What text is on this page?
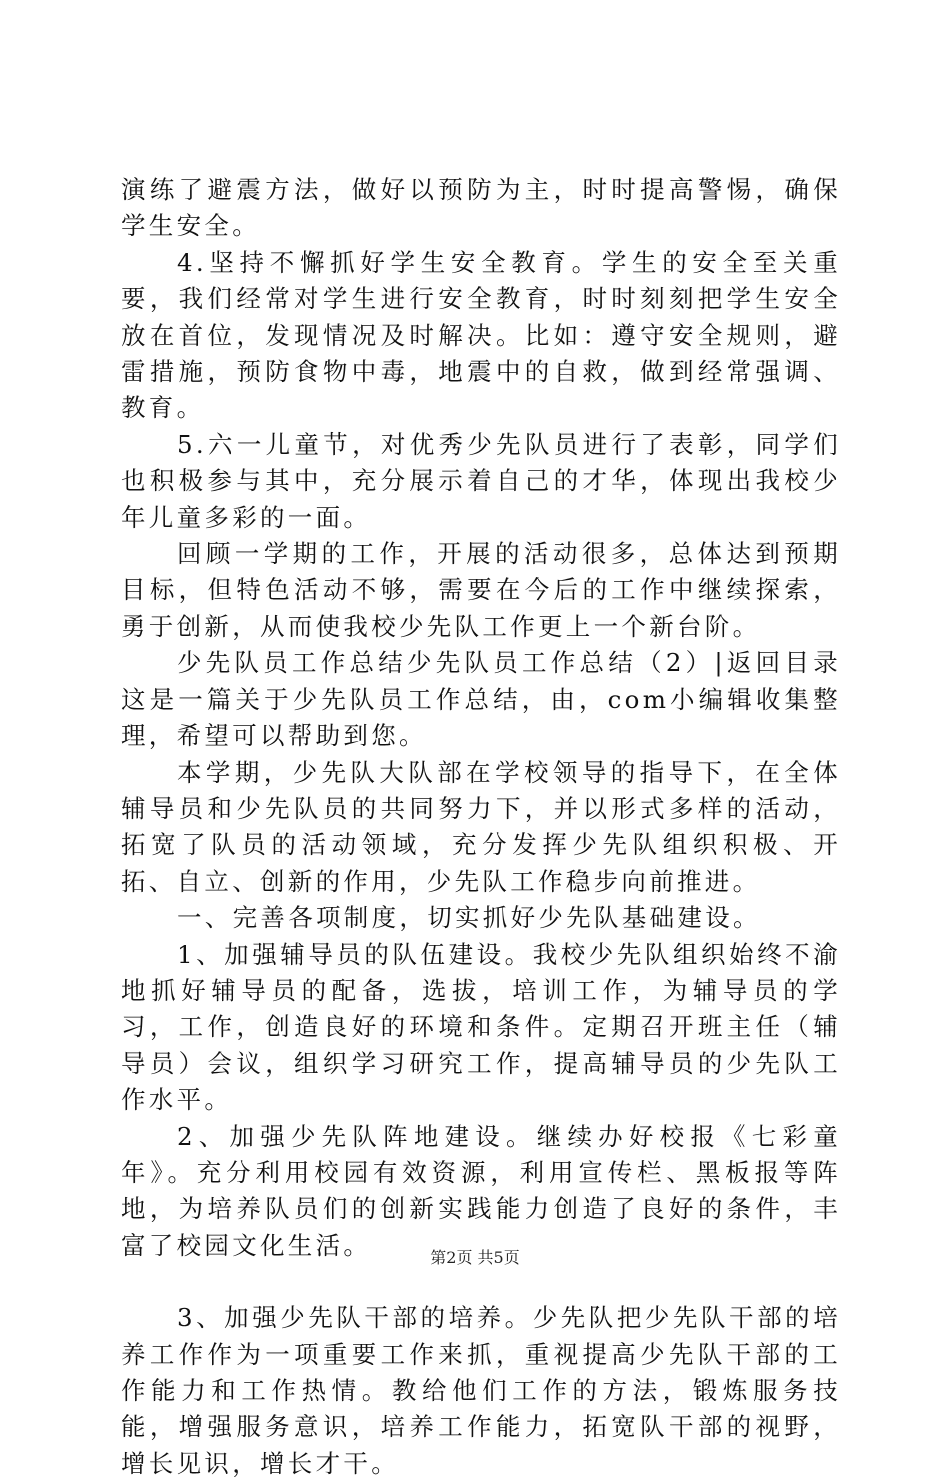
演练了避震方法，做好以预防为主，时时提高警惕，确保学生安全。

4.坚持不懈抓好学生安全教育。学生的安全至关重要，我们经常对学生进行安全教育，时时刻刻把学生安全放在首位，发现情况及时解决。比如：遵守安全规则，避雷措施，预防食物中毒，地震中的自救，做到经常强调、教育。

5.六一儿童节，对优秀少先队员进行了表彰，同学们也积极参与其中，充分展示着自己的才华，体现出我校少年儿童多彩的一面。

回顾一学期的工作，开展的活动很多，总体达到预期目标，但特色活动不够，需要在今后的工作中继续探索，勇于创新，从而使我校少先队工作更上一个新台阶。

少先队员工作总结少先队员工作总结（2）|返回目录这是一篇关于少先队员工作总结，由，com小编辑收集整理，希望可以帮助到您。

本学期，少先队大队部在学校领导的指导下，在全体辅导员和少先队员的共同努力下，并以形式多样的活动，拓宽了队员的活动领域，充分发挥少先队组织积极、开拓、自立、创新的作用，少先队工作稳步向前推进。

一、完善各项制度，切实抓好少先队基础建设。

1、加强辅导员的队伍建设。我校少先队组织始终不渝地抓好辅导员的配备，选拔，培训工作，为辅导员的学习，工作，创造良好的环境和条件。定期召开班主任（辅导员）会议，组织学习研究工作，提高辅导员的少先队工作水平。

2、加强少先队阵地建设。继续办好校报《七彩童年》。充分利用校园有效资源，利用宣传栏、黑板报等阵地，为培养队员们的创新实践能力创造了良好的条件，丰富了校园文化生活。

3、加强少先队干部的培养。少先队把少先队干部的培养工作作为一项重要工作来抓，重视提高少先队干部的工作能力和工作热情。教给他们工作的方法，锻炼服务技能，增强服务意识，培养工作能力，拓宽队干部的视野，增长见识，增长才干。

第2页 共5页
